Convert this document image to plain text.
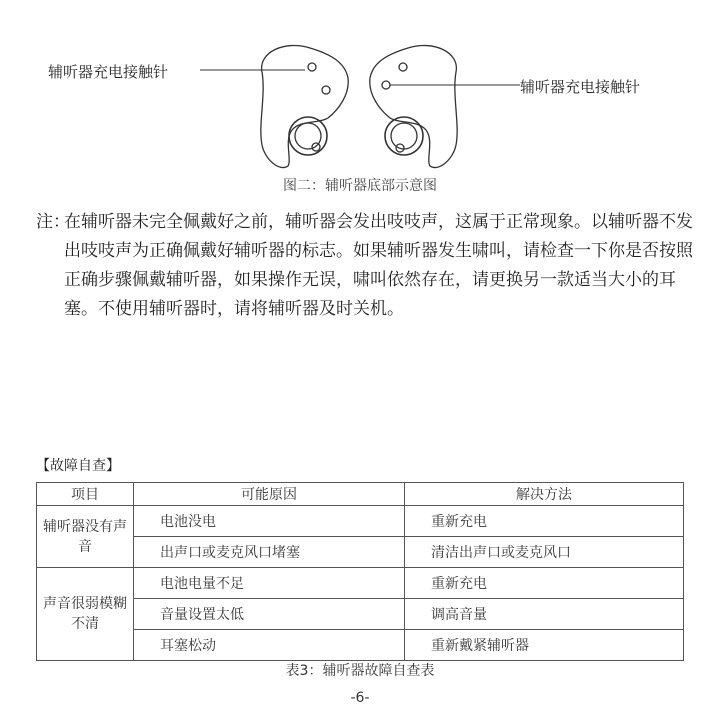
辅听器充电接触针
辅听器充电接触针
图二：辅听器底部示意图
注：
在辅听器未完全佩戴好之前，辅听器会发出吱吱声，这属于正常现象。以辅听器不发出吱吱声为正确佩戴好辅听器的标志。如果辅听器发生啸叫，请检查一下你是否按照正确步骤佩戴辅听器，如果操作无误，啸叫依然存在，请更换另一款适当大小的耳塞。不使用辅听器时，请将辅听器及时关机。
【故障自查】
项目	可能原因	解决方法
辅听器没有声音	电池没电	重新充电
	出声口或麦克风口堵塞	清洁出声口或麦克风口
声音很弱模糊不清	电池电量不足	重新充电
	音量设置太低	调高音量
	耳塞松动	重新戴紧辅听器
表3：辅听器故障自查表
-6-
